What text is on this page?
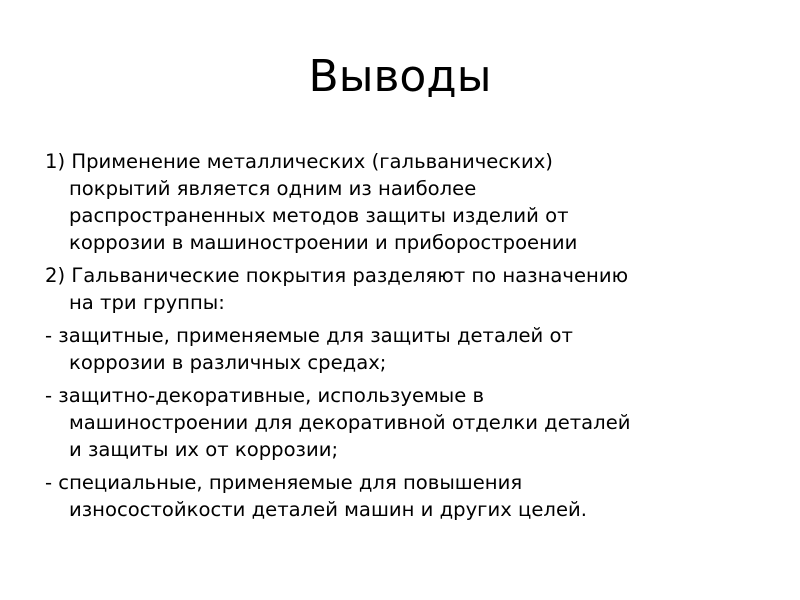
Выводы
1) Применение металлических (гальванических)
покрытий является одним из наиболее
распространенных методов защиты изделий от
коррозии в машиностроении и приборостроении
2) Гальванические покрытия разделяют по назначению
на три группы:
- защитные, применяемые для защиты деталей от
коррозии в различных средах;
- защитно-декоративные, используемые в
машиностроении для декоративной отделки деталей
и защиты их от коррозии;
- специальные, применяемые для повышения
износостойкости деталей машин и других целей.
